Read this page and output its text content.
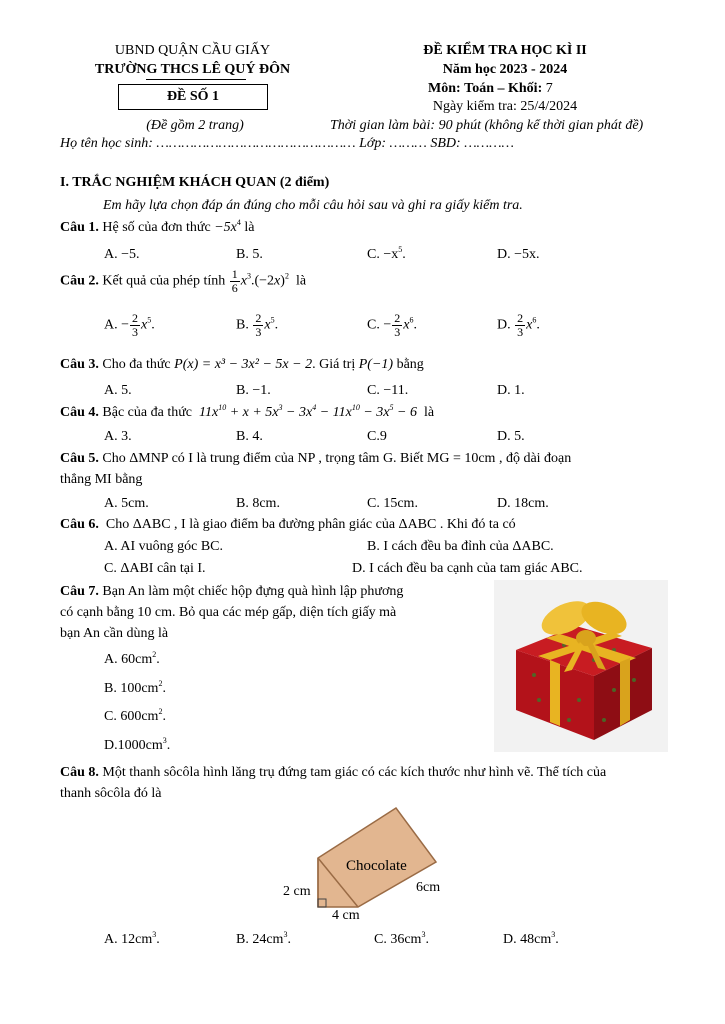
UBND QUẬN CẦU GIẤY
TRƯỜNG THCS LÊ QUÝ ĐÔN
ĐỀ SỐ 1
(Đề gồm 2 trang)
ĐỀ KIỂM TRA HỌC KÌ II
Năm học 2023 - 2024
Môn: Toán – Khối: 7
Ngày kiểm tra: 25/4/2024
Thời gian làm bài: 90 phút (không kể thời gian phát đề)
Họ tên học sinh: ………………………………………… Lớp: ……… SBD: …………
I. TRẮC NGHIỆM KHÁCH QUAN (2 điểm)
Em hãy lựa chọn đáp án đúng cho mỗi câu hỏi sau và ghi ra giấy kiểm tra.
Câu 1. Hệ số của đơn thức $-5x^4$ là
A. −5.	B. 5.	C. $-x^5$.	D. −5x.
Câu 2. Kết quả của phép tính $\frac{1}{6} x^3.(-2x)^2$ là
A. − $\frac{2}{3} x^5$.	B. $\frac{2}{3} x^5$.	C. − $\frac{2}{3} x^6$.	D. $\frac{2}{3} x^6$.
Câu 3. Cho đa thức P(x) = x³ − 3x² − 5x − 2. Giá trị P(−1) bằng
A. 5.	B. −1.	C. −11.	D. 1.
Câu 4. Bậc của đa thức $11x^{10} + x + 5x^3 - 3x^4 - 11x^{10} - 3x^5 - 6$ là
A. 3.	B. 4.	C.9	D. 5.
Câu 5. Cho ΔMNP có I là trung điểm của NP , trọng tâm G. Biết MG = 10cm , độ dài đoạn
thẳng MI bằng
A. 5cm.	B. 8cm.	C. 15cm.	D. 18cm.
Câu 6. Cho ΔABC , I là giao điểm ba đường phân giác của ΔABC . Khi đó ta có
A. AI vuông góc BC.	B. I cách đều ba đỉnh của ΔABC.
C. ΔABI cân tại I.	D. I cách đều ba cạnh của tam giác ABC.
Câu 7. Bạn An làm một chiếc hộp đựng quà hình lập phương
có cạnh bằng 10 cm. Bỏ qua các mép gấp, diện tích giấy mà
bạn An cần dùng là
A. $60cm^2$.
B. $100cm^2$.
C. $600cm^2$.
$D.1000cm^3$.
Câu 8. Một thanh sôcôla hình lăng trụ đứng tam giác có các kích thước như hình vẽ. Thể tích của
thanh sôcôla đó là
Chocolate
2 cm
4 cm
6cm
A. $12cm^3$.	B. $24cm^3$.	C. $36cm^3$.	D. $48cm^3$.
